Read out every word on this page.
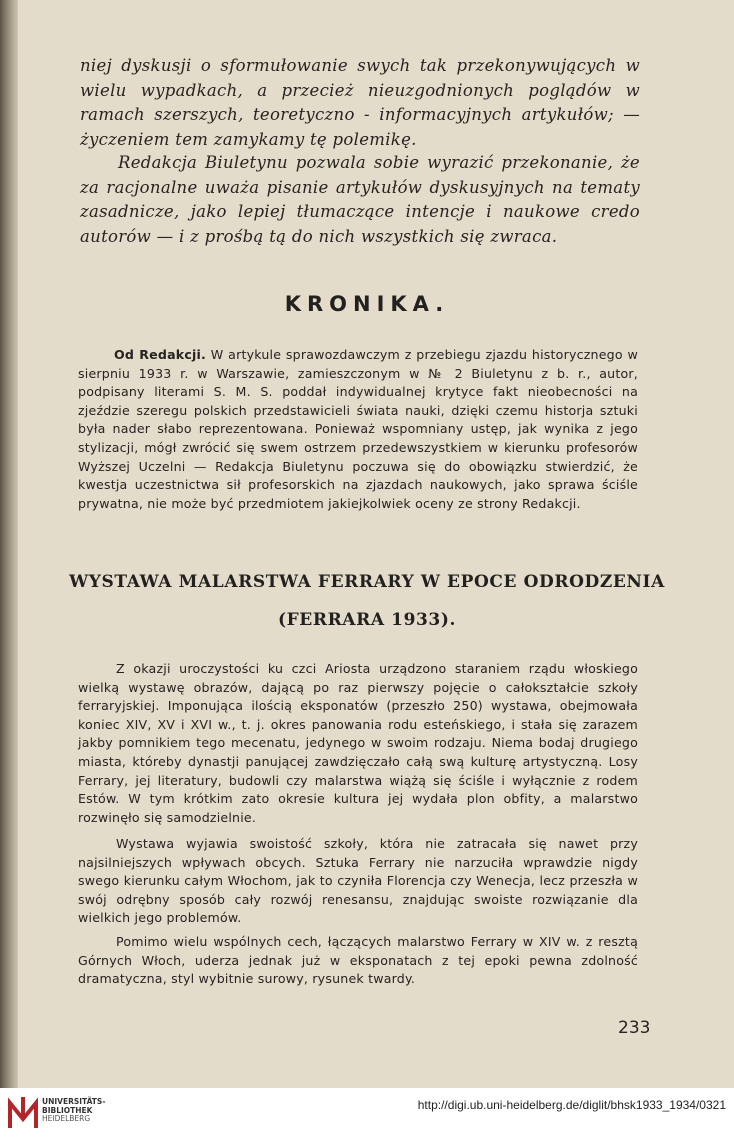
niej dyskusji o sformułowanie swych tak przekonywujących w wielu wypadkach, a przecież nieuzgodnionych poglądów w ramach szerszych, teoretyczno - informacyjnych artykułów; — życzeniem tem zamykamy tę polemikę.

Redakcja Biuletynu pozwala sobie wyrazić przekonanie, że za racjonalne uważa pisanie artykułów dyskusyjnych na tematy zasadnicze, jako lepiej tłumaczące intencje i naukowe credo autorów — i z prośbą tą do nich wszystkich się zwraca.

KRONIKA.

Od Redakcji. W artykule sprawozdawczym z przebiegu zjazdu historycznego w sierpniu 1933 r. w Warszawie, zamieszczonym w № 2 Biuletynu z b. r., autor, podpisany literami S. M. S. poddał indywidualnej krytyce fakt nieobecności na zjeździe szeregu polskich przedstawicieli świata nauki, dzięki czemu historja sztuki była nader słabo reprezentowana. Ponieważ wspomniany ustęp, jak wynika z jego stylizacji, mógł zwrócić się swem ostrzem przedewszystkiem w kierunku profesorów Wyższej Uczelni — Redakcja Biuletynu poczuwa się do obowiązku stwierdzić, że kwestja uczestnictwa sił profesorskich na zjazdach naukowych, jako sprawa ściśle prywatna, nie może być przedmiotem jakiejkolwiek oceny ze strony Redakcji.

WYSTAWA MALARSTWA FERRARY W EPOCE ODRODZENIA
(FERRARA 1933).

Z okazji uroczystości ku czci Ariosta urządzono staraniem rządu włoskiego wielką wystawę obrazów, dającą po raz pierwszy pojęcie o całokształcie szkoły ferraryjskiej. Imponująca ilością eksponatów (przeszło 250) wystawa, obejmowała koniec XIV, XV i XVI w., t. j. okres panowania rodu esteńskiego, i stała się zarazem jakby pomnikiem tego mecenatu, jedynego w swoim rodzaju. Niema bodaj drugiego miasta, któreby dynastji panującej zawdzięczało całą swą kulturę artystyczną. Losy Ferrary, jej literatury, budowli czy malarstwa wiążą się ściśle i wyłącznie z rodem Estów. W tym krótkim zato okresie kultura jej wydała plon obfity, a malarstwo rozwinęło się samodzielnie.

Wystawa wyjawia swoistość szkoły, która nie zatracała się nawet przy najsilniejszych wpływach obcych. Sztuka Ferrary nie narzuciła wprawdzie nigdy swego kierunku całym Włochom, jak to czyniła Florencja czy Wenecja, lecz przeszła w swój odrębny sposób cały rozwój renesansu, znajdując swoiste rozwiązanie dla wielkich jego problemów.

Pomimo wielu wspólnych cech, łączących malarstwo Ferrary w XIV w. z resztą Górnych Włoch, uderza jednak już w eksponatach z tej epoki pewna zdolność dramatyczna, styl wybitnie surowy, rysunek twardy.

233

UNIVERSITÄTS-
BIBLIOTHEK
HEIDELBERG

http://digi.ub.uni-heidelberg.de/diglit/bhsk1933_1934/0321
